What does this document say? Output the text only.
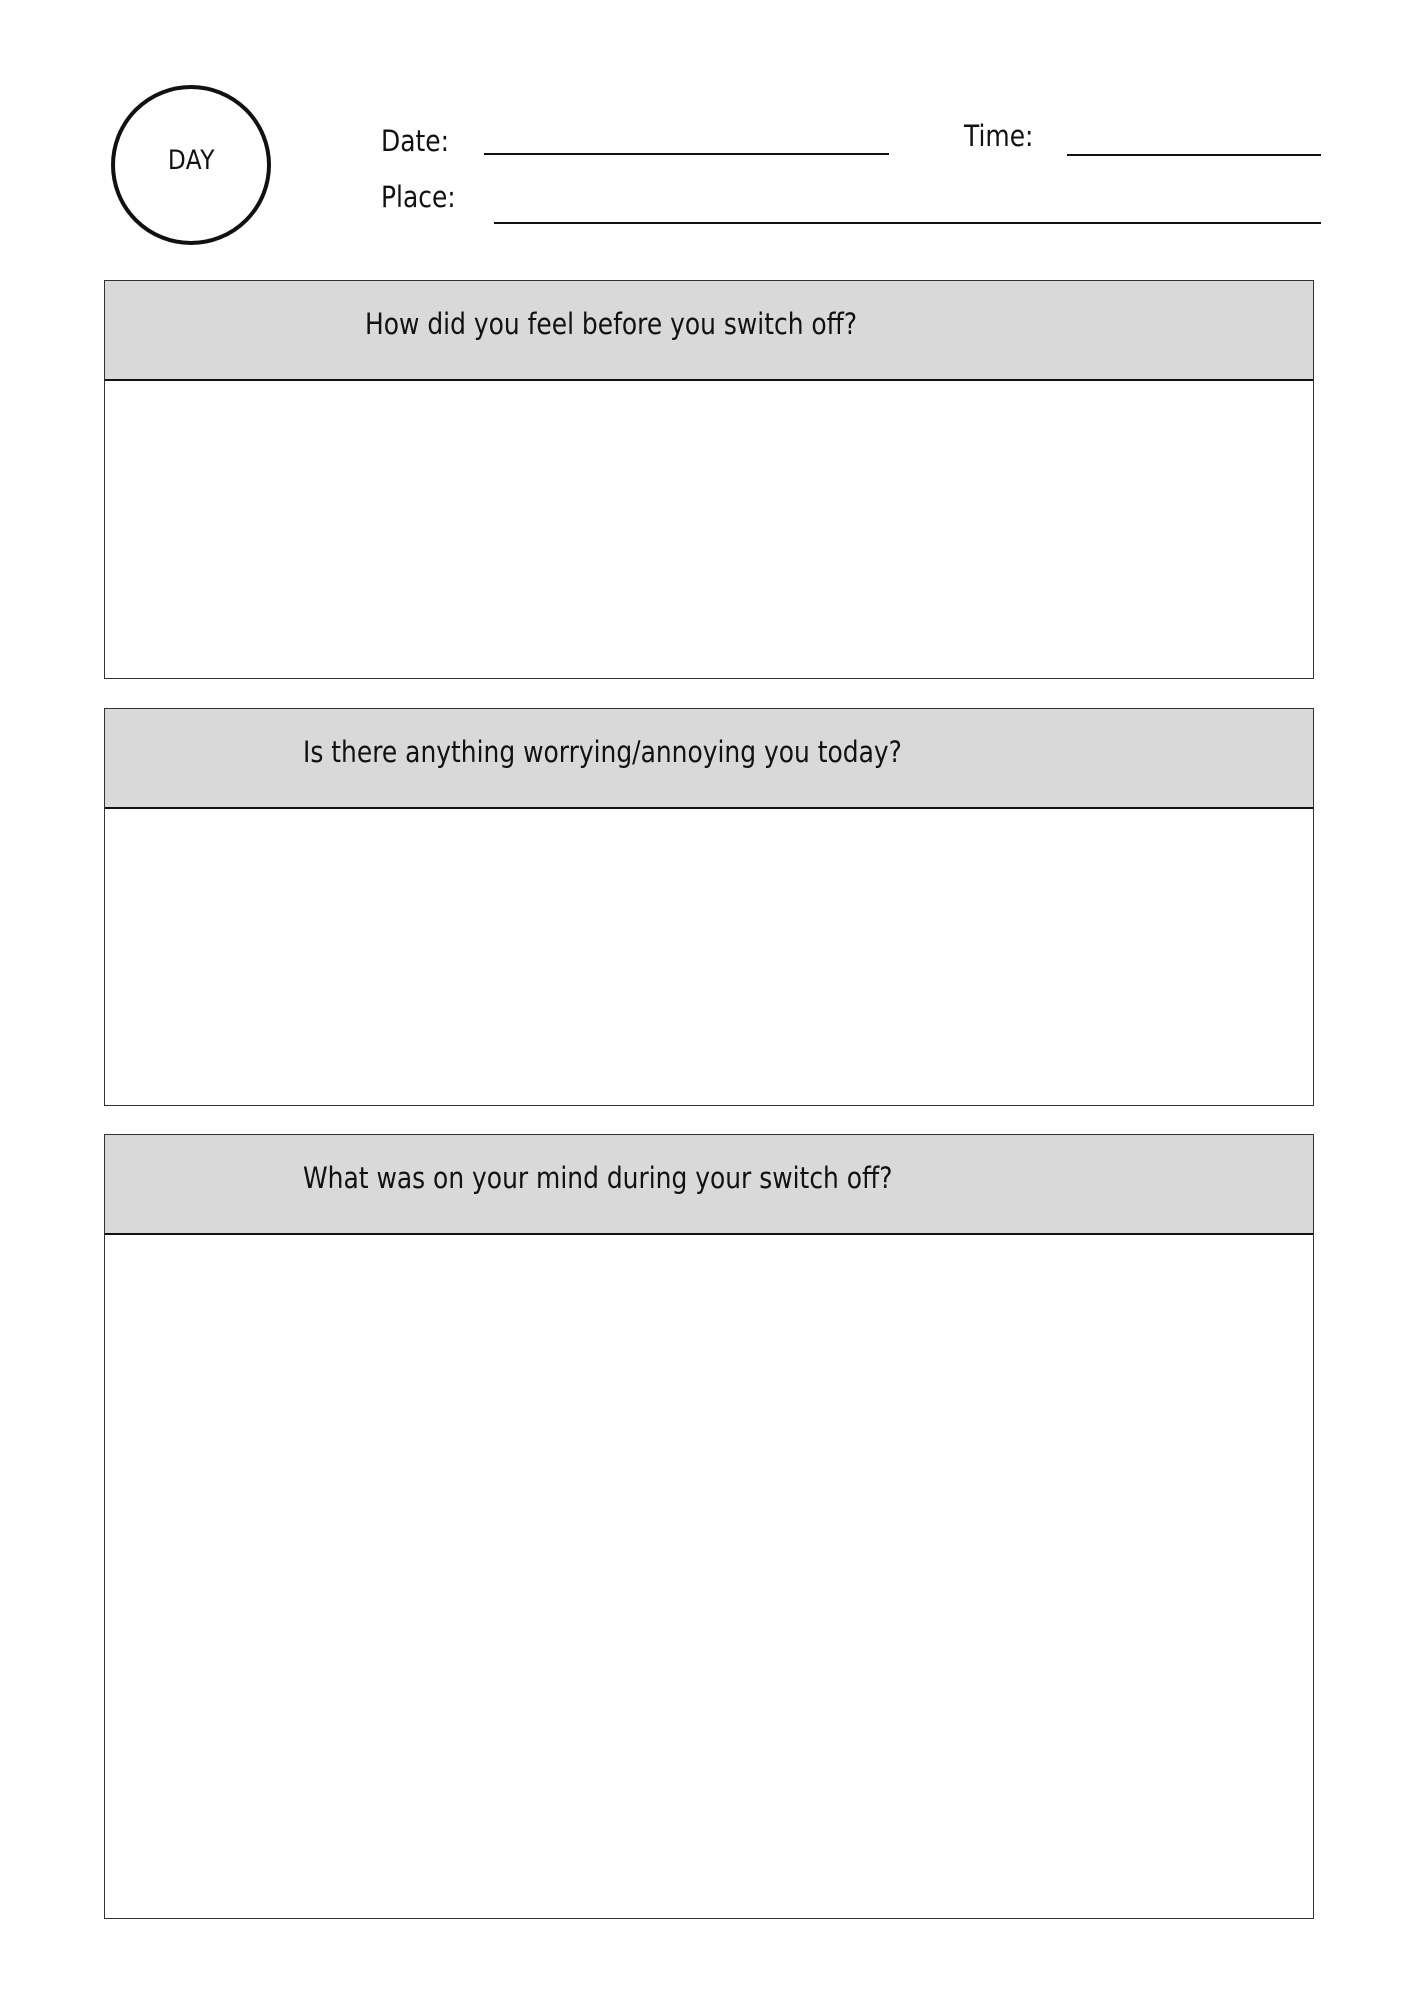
DAY
Date:	Time:
Place:
How did you feel before you switch off?
Is there anything worrying/annoying you today?
What was on your mind during your switch off?
